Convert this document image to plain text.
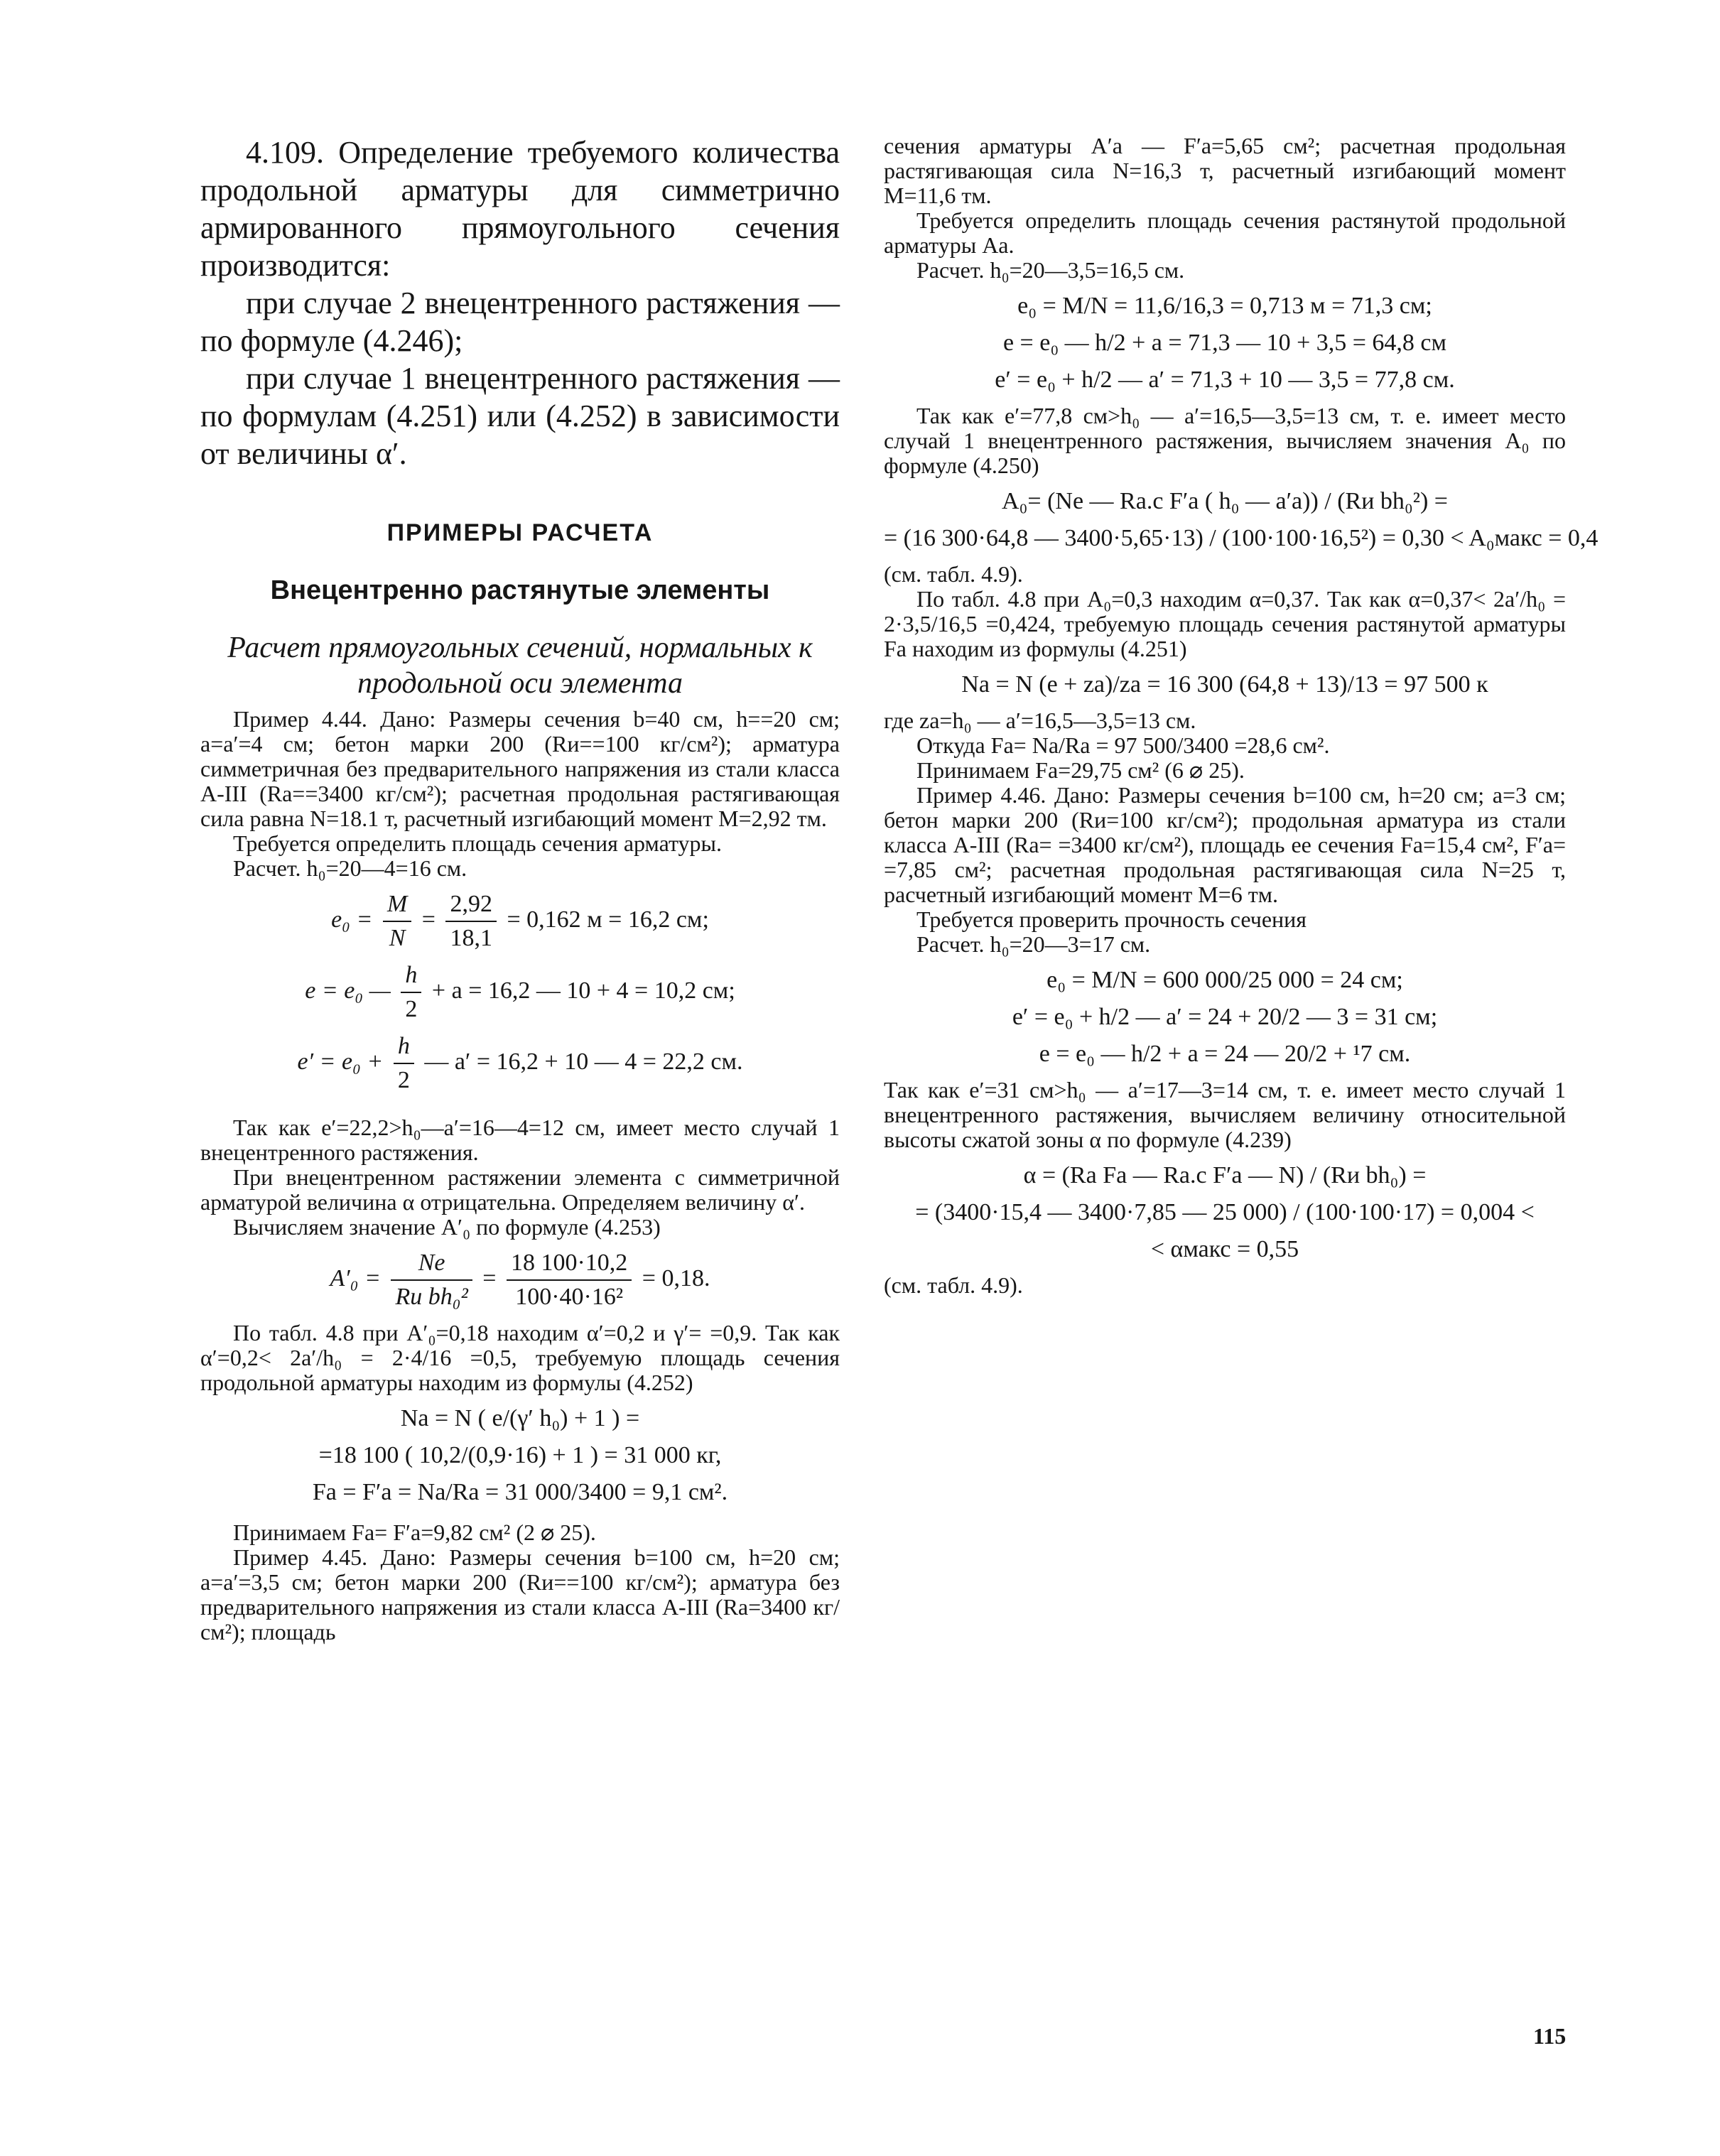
4.109. Определение требуемого количества продольной арматуры для симметрично армированного прямоугольного сечения производится:

при случае 2 внецентренного растяжения — по формуле (4.246);

при случае 1 внецентренного растяжения — по формулам (4.251) или (4.252) в зависимости от величины α′.

ПРИМЕРЫ РАСЧЕТА
Внецентренно растянутые элементы
Расчет прямоугольных сечений, нормальных к продольной оси элемента

Пример 4.44. Дано: Размеры сечения b=40 см, h==20 см; a=a′=4 см; бетон марки 200 (Rи==100 кг/см²); арматура симметричная без предварительного напряжения из стали класса A-III (Rа==3400 кг/см²); расчетная продольная растягивающая сила равна N=18.1 т, расчетный изгибающий момент M=2,92 тм.

Требуется определить площадь сечения арматуры.

Расчет. h₀=20—4=16 см.

$e_0 = \frac{M}{N} = \frac{2,92}{18,1} = 0,162$ м = 16,2 см;
e = e₀ — $\frac{h}{2} + a = 16,2$ — 10 + 4 = 10,2 см;
$e' = e_0 + \frac{h}{2}$ — a′ = 16,2 + 10 — 4 = 22,2 см.

Так как e′=22,2>h₀—a′=16—4=12 см, имеет место случай 1 внецентренного растяжения.

При внецентренном растяжении элемента с симметричной арматурой величина α отрицательна. Определяем величину α′.

Вычисляем значение A′₀ по формуле (4.253)

$A'_0 = \frac{Ne}{\text{Rи bh₀²}} = \frac{18 100\cdot 10,2}{\text{100·40·16²}} = 0,18$.

По табл. 4.8 при A′₀=0,18 находим α′=0,2 и γ′= =0,9. Так как α′=0,2< 2a′/h₀ = 2·4/16 =0,5, требуемую площадь сечения продольной арматуры находим из формулы (4.252)

Nа = N ( e/(γ′ h₀) + 1 ) =
=18 100 ( 10,2/(0,9·16) + 1 ) = 31 000 кг,
Fа = F′а = Nа/Rа = 31 000/3400 = 9,1 см².

Принимаем Fа= F′а=9,82 см² (2 ⌀ 25).

Пример 4.45. Дано: Размеры сечения b=100 см, h=20 см; a=a′=3,5 см; бетон марки 200 (Rи==100 кг/см²); арматура без предварительного напряжения из стали класса A-III (Rа=3400 кг/см²); площадь

сечения арматуры A′а — F′а=5,65 см²; расчетная продольная растягивающая сила N=16,3 т, расчетный изгибающий момент M=11,6 тм.

Требуется определить площадь сечения растянутой продольной арматуры Aа.

Расчет. h₀=20—3,5=16,5 см.

e₀ = M/N = 11,6/16,3 = 0,713 м = 71,3 см;
e = e₀ — h/2 + a = 71,3 — 10 + 3,5 = 64,8 см
e′ = e₀ + h/2 — a′ = 71,3 + 10 — 3,5 = 77,8 см.

Так как e′=77,8 см>h₀ — a′=16,5—3,5=13 см, т. е. имеет место случай 1 внецентренного растяжения, вычисляем значения A₀ по формуле (4.250)

A₀= (Ne — Rа.с F′а ( h₀ — a′а)) / (Rи bh₀²) =
= (16 300·64,8 — 3400·5,65·13) / (100·100·16,5²) = 0,30 < A₀макс = 0,4

(см. табл. 4.9).

По табл. 4.8 при A₀=0,3 находим α=0,37. Так как α=0,37< 2a′/h₀ = 2·3,5/16,5 =0,424, требуемую площадь сечения растянутой арматуры Fа находим из формулы (4.251)

Nа = N (e + zа)/zа = 16 300 (64,8 + 13)/13 = 97 500 к

где zа=h₀ — a′=16,5—3,5=13 см.

Откуда Fа= Nа/Rа = 97 500/3400 =28,6 см².

Принимаем Fа=29,75 см² (6 ⌀ 25).

Пример 4.46. Дано: Размеры сечения b=100 см, h=20 см; a=3 см; бетон марки 200 (Rи=100 кг/см²); продольная арматура из стали класса A-III (Rа= =3400 кг/см²), площадь ее сечения Fа=15,4 см², F′а= =7,85 см²; расчетная продольная растягивающая сила N=25 т, расчетный изгибающий момент M=6 тм.

Требуется проверить прочность сечения

Расчет. h₀=20—3=17 см.

e₀ = M/N = 600 000/25 000 = 24 см;
e′ = e₀ + h/2 — a′ = 24 + 20/2 — 3 = 31 см;
e = e₀ — h/2 + a = 24 — 20/2 + ¹7 см.

Так как e′=31 см>h₀ — a′=17—3=14 см, т. е. имеет место случай 1 внецентренного растяжения, вычисляем величину относительной высоты сжатой зоны α по формуле (4.239)

α = (Rа Fа — Rа.с F′а — N) / (Rи bh₀) =
= (3400·15,4 — 3400·7,85 — 25 000) / (100·100·17) = 0,004 <
< αмакс = 0,55

(см. табл. 4.9).

115
